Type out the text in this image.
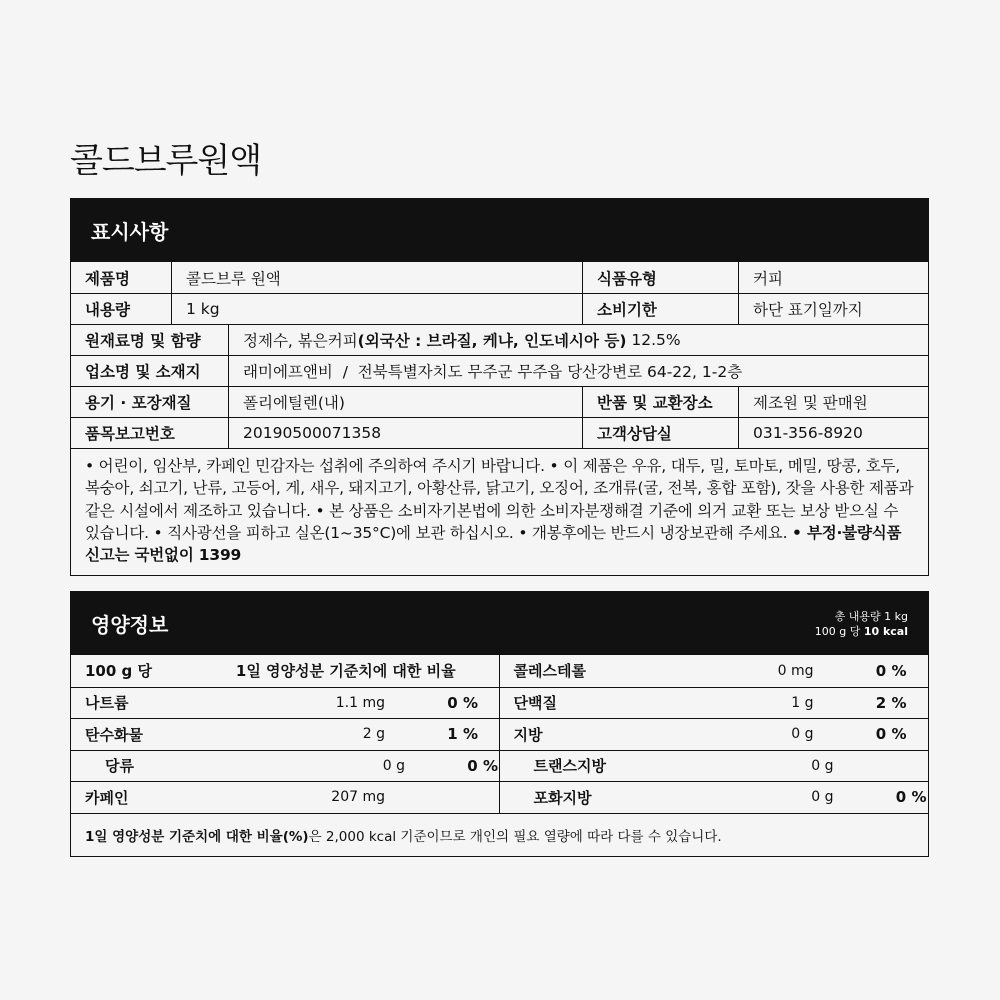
콜드브루원액
표시사항
제품명	콜드브루 원액	식품유형	커피
내용량	1 kg	소비기한	하단 표기일까지
원재료명 및 함량	정제수, 볶은커피 (외국산 : 브라질, 케냐, 인도네시아 등) 12.5%
업소명 및 소재지	래미에프앤비  /  전북특별자치도 무주군 무주읍 당산강변로 64-22, 1-2층
용기 · 포장재질	폴리에틸렌(내)	반품 및 교환장소	제조원 및 판매원
품목보고번호	20190500071358	고객상담실	031-356-8920
• 어린이, 임산부, 카페인 민감자는 섭취에 주의하여 주시기 바랍니다. • 이 제품은 우유, 대두, 밀, 토마토, 메밀, 땅콩, 호두, 복숭아, 쇠고기, 난류, 고등어, 게, 새우, 돼지고기, 아황산류, 닭고기, 오징어, 조개류(굴, 전복, 홍합 포함), 잣을 사용한 제품과 같은 시설에서 제조하고 있습니다. • 본 상품은 소비자기본법에 의한 소비자분쟁해결 기준에 의거 교환 또는 보상 받으실 수 있습니다. • 직사광선을 피하고 실온(1~35°C)에 보관 하십시오. • 개봉후에는 반드시 냉장보관해 주세요. • 부정·불량식품신고는 국번없이 1399
영양정보	총 내용량 1 kg
100 g 당 10 kcal
100 g 당	1일 영양성분 기준치에 대한 비율
나트륨	1.1 mg	0 %
탄수화물	2 g	1 %
당류	0 g	0 %
카페인	207 mg
콜레스테롤	0 mg	0 %
단백질	1 g	2 %
지방	0 g	0 %
트랜스지방	0 g
포화지방	0 g	0 %
1일 영양성분 기준치에 대한 비율(%) 은 2,000 kcal 기준이므로 개인의 필요 열량에 따라 다를 수 있습니다.
